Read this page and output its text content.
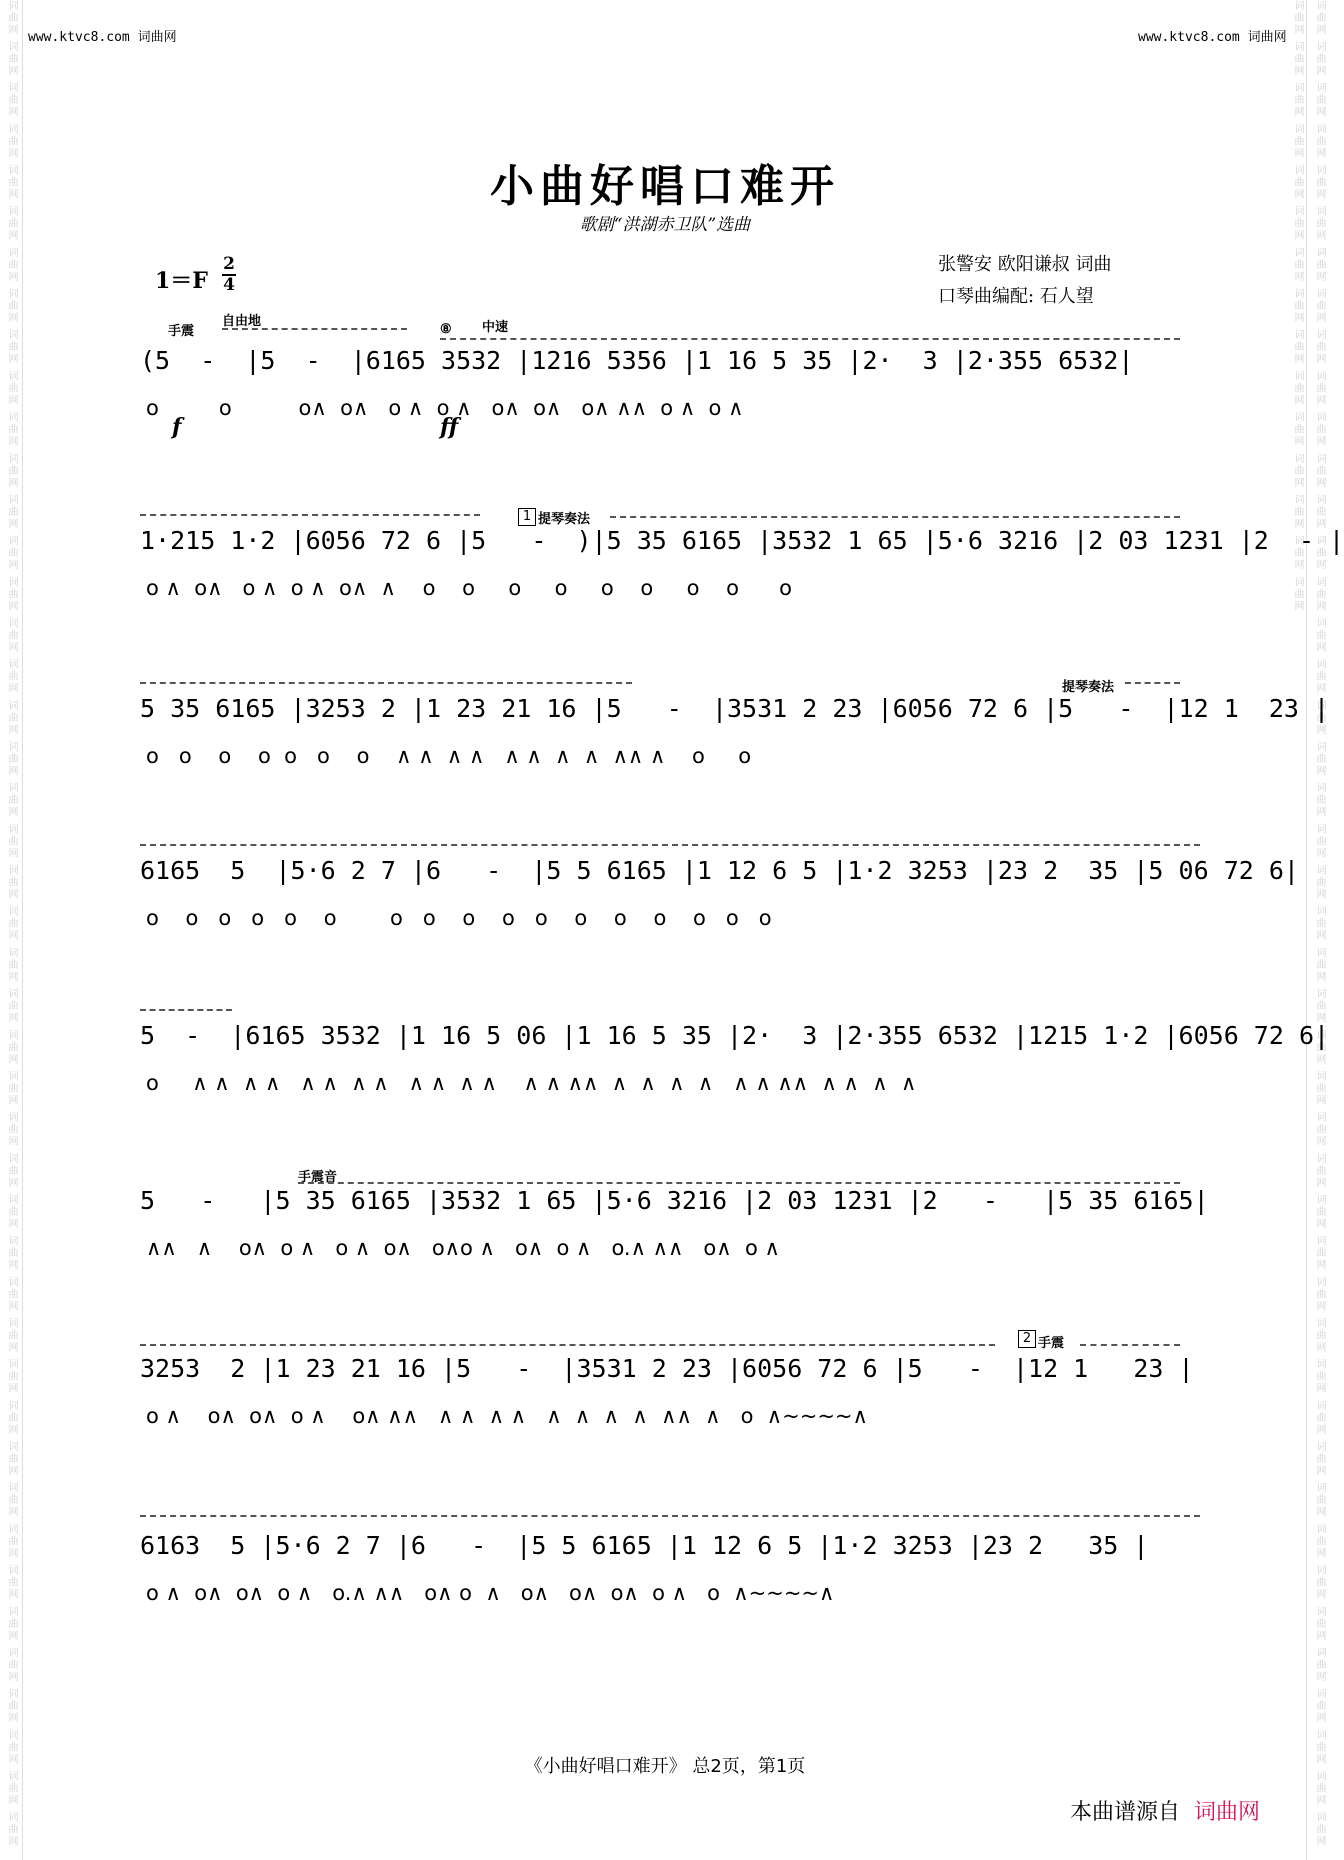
词曲网 词曲网 词曲网 词曲网 词曲网 词曲网 词曲网 词曲网 词曲网 词曲网 词曲网 词曲网 词曲网 词曲网 词曲网 词曲网 词曲网 词曲网 词曲网 词曲网 词曲网 词曲网 词曲网 词曲网 词曲网 词曲网 词曲网 词曲网 词曲网 词曲网 词曲网 词曲网 词曲网 词曲网 词曲网 词曲网 词曲网 词曲网 词曲网 词曲网 词曲网 词曲网 词曲网 词曲网 词曲网	词曲网 词曲网 词曲网 词曲网 词曲网 词曲网 词曲网 词曲网 词曲网 词曲网 词曲网 词曲网 词曲网 词曲网 词曲网 词曲网 词曲网 词曲网 词曲网 词曲网 词曲网 词曲网 词曲网 词曲网 词曲网 词曲网 词曲网 词曲网 词曲网 词曲网 词曲网 词曲网 词曲网 词曲网 词曲网 词曲网 词曲网 词曲网 词曲网 词曲网 词曲网 词曲网 词曲网 词曲网 词曲网 词曲网 词曲网 词曲网 词曲网 词曲网 词曲网 词曲网 词曲网 词曲网 词曲网 词曲网 词曲网 词曲网 词曲网 词曲网
www.ktvc8.com 词曲网	www.ktvc8.com 词曲网
小曲好唱口难开
歌剧“洪湖赤卫队”选曲
1＝F
2
4
张警安 欧阳谦叔 词曲
口琴曲编配: 石人望
手震
自由地
⑧ 中速
(5  -  |5  -  |6165 3532 |1216 5356 |1 16 5 35 |2·  3 |2·355 6532|
o         o          o∧  o∧   o ∧  o ∧   o∧  o∧   o∧ ∧∧  o ∧  o ∧
f	ff
1 提琴奏法
1·215 1·2 |6056 72 6 |5   -  )|5 35 6165 |3532 1 65 |5·6 3216 |2 03 1231 |2  - |
o ∧  o∧   o ∧  o ∧  o∧  ∧    o    o     o     o     o    o     o    o      o
提琴奏法
5 35 6165 |3253 2 |1 23 21 16 |5   -  |3531 2 23 |6056 72 6 |5   -  |12 1  23 |
o   o    o    o  o   o    o    ∧ ∧  ∧ ∧   ∧ ∧  ∧  ∧  ∧∧ ∧    o     o
6165  5  |5·6 2 7 |6   -  |5 5 6165 |1 12 6 5 |1·2 3253 |23 2  35 |5 06 72 6|
o    o   o   o   o    o        o   o    o    o   o    o    o    o    o   o   o
5  -  |6165 3532 |1 16 5 06 |1 16 5 35 |2·  3 |2·355 6532 |1215 1·2 |6056 72 6|
o     ∧ ∧  ∧ ∧   ∧ ∧  ∧ ∧   ∧ ∧  ∧ ∧    ∧ ∧ ∧∧  ∧  ∧  ∧  ∧   ∧ ∧ ∧∧  ∧ ∧  ∧  ∧
手震音
5   -   |5 35 6165 |3532 1 65 |5·6 3216 |2 03 1231 |2   -   |5 35 6165|
∧∧   ∧    o∧  o ∧   o ∧  o∧   o∧o ∧   o∧  o ∧   o.∧ ∧∧   o∧  o ∧
2 手震
3253  2 |1 23 21 16 |5   -  |3531 2 23 |6056 72 6 |5   -  |12 1   23 |
o ∧    o∧  o∧  o ∧    o∧ ∧∧   ∧ ∧  ∧ ∧   ∧  ∧  ∧  ∧  ∧∧  ∧   o  ∧~~~~∧
6163  5 |5·6 2 7 |6   -  |5 5 6165 |1 12 6 5 |1·2 3253 |23 2   35 |
o ∧  o∧  o∧  o ∧   o.∧ ∧∧   o∧ o  ∧   o∧   o∧  o∧  o ∧   o  ∧~~~~∧
《小曲好唱口难开》 总2页，第1页
本曲谱源自 词曲网
